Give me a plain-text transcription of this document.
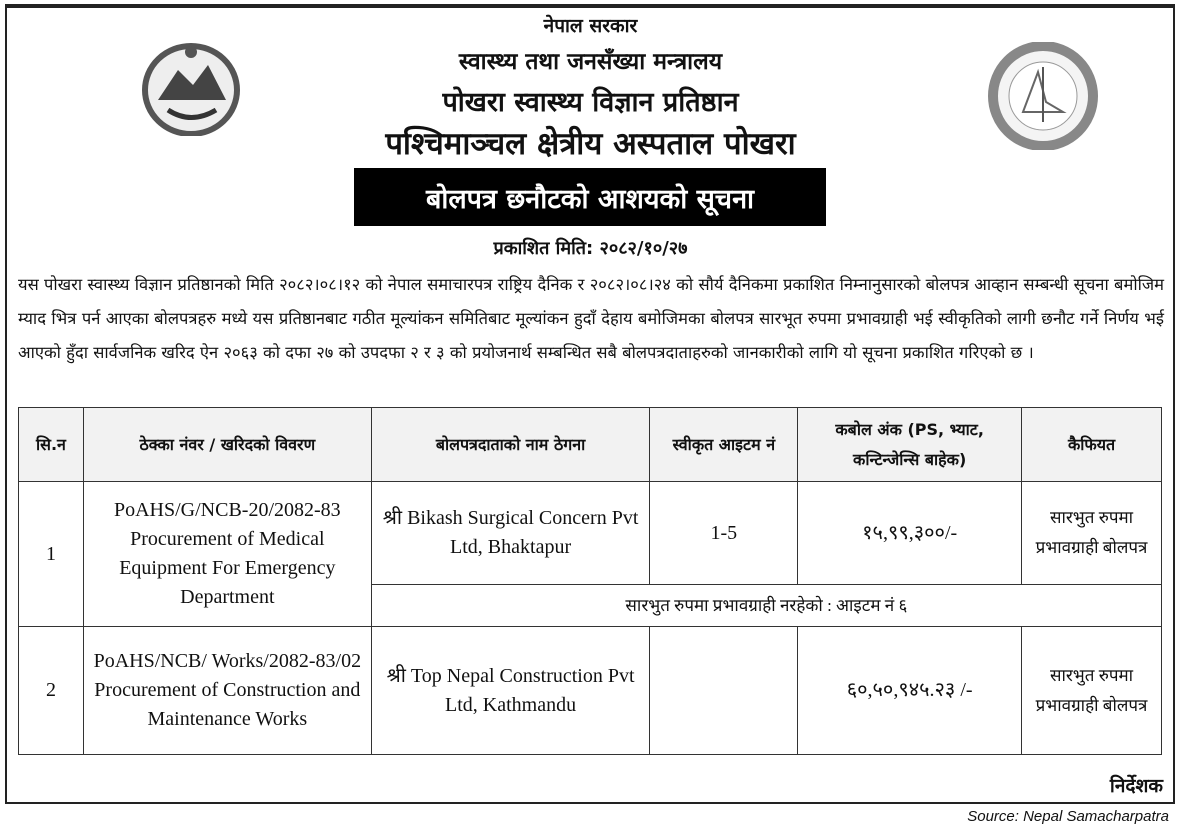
नेपाल सरकार
स्वास्थ्य तथा जनसँख्या मन्त्रालय
पोखरा स्वास्थ्य विज्ञान प्रतिष्ठान
पश्चिमाञ्चल क्षेत्रीय अस्पताल पोखरा
बोलपत्र छनौटको आशयको सूचना
प्रकाशित मिति: २०८२/१०/२७
यस पोखरा स्वास्थ्य विज्ञान प्रतिष्ठानको मिति २०८२।०८।१२ को नेपाल समाचारपत्र राष्ट्रिय दैनिक र २०८२।०८।२४ को सौर्य दैनिकमा प्रकाशित निम्नानुसारको बोलपत्र आव्हान सम्बन्धी सूचना बमोजिम म्याद भित्र पर्न आएका बोलपत्रहरु मध्ये यस प्रतिष्ठानबाट गठीत मूल्यांकन समितिबाट मूल्यांकन हुदाँ देहाय बमोजिमका बोलपत्र सारभूत रुपमा प्रभावग्राही भई स्वीकृतिको लागी छनौट गर्ने निर्णय भई आएको हुँदा सार्वजनिक खरिद ऐन २०६३ को दफा २७ को उपदफा २ र ३ को प्रयोजनार्थ सम्बन्धित सबै बोलपत्रदाताहरुको जानकारीको लागि यो सूचना प्रकाशित गरिएको छ ।
सि.न	ठेक्का नंवर / खरिदको विवरण	बोलपत्रदाताको नाम ठेगना	स्वीकृत आइटम नं	कबोल अंक (PS, भ्याट, कन्टिन्जेन्सि बाहेक)	कैफियत
1	PoAHS/G/NCB-20/2082-83 Procurement of Medical Equipment For Emergency Department	श्री Bikash Surgical Concern Pvt Ltd, Bhaktapur	1-5	१५,९९,३००/-	सारभुत रुपमा प्रभावग्राही बोलपत्र
		सारभुत रुपमा प्रभावग्राही नरहेको : आइटम नं ६			
2	PoAHS/NCB/ Works/2082-83/02 Procurement of Construction and Maintenance Works	श्री Top Nepal Construction Pvt Ltd, Kathmandu		६०,५०,९४५.२३ /-	सारभुत रुपमा प्रभावग्राही बोलपत्र
निर्देशक
Source: Nepal Samacharpatra
